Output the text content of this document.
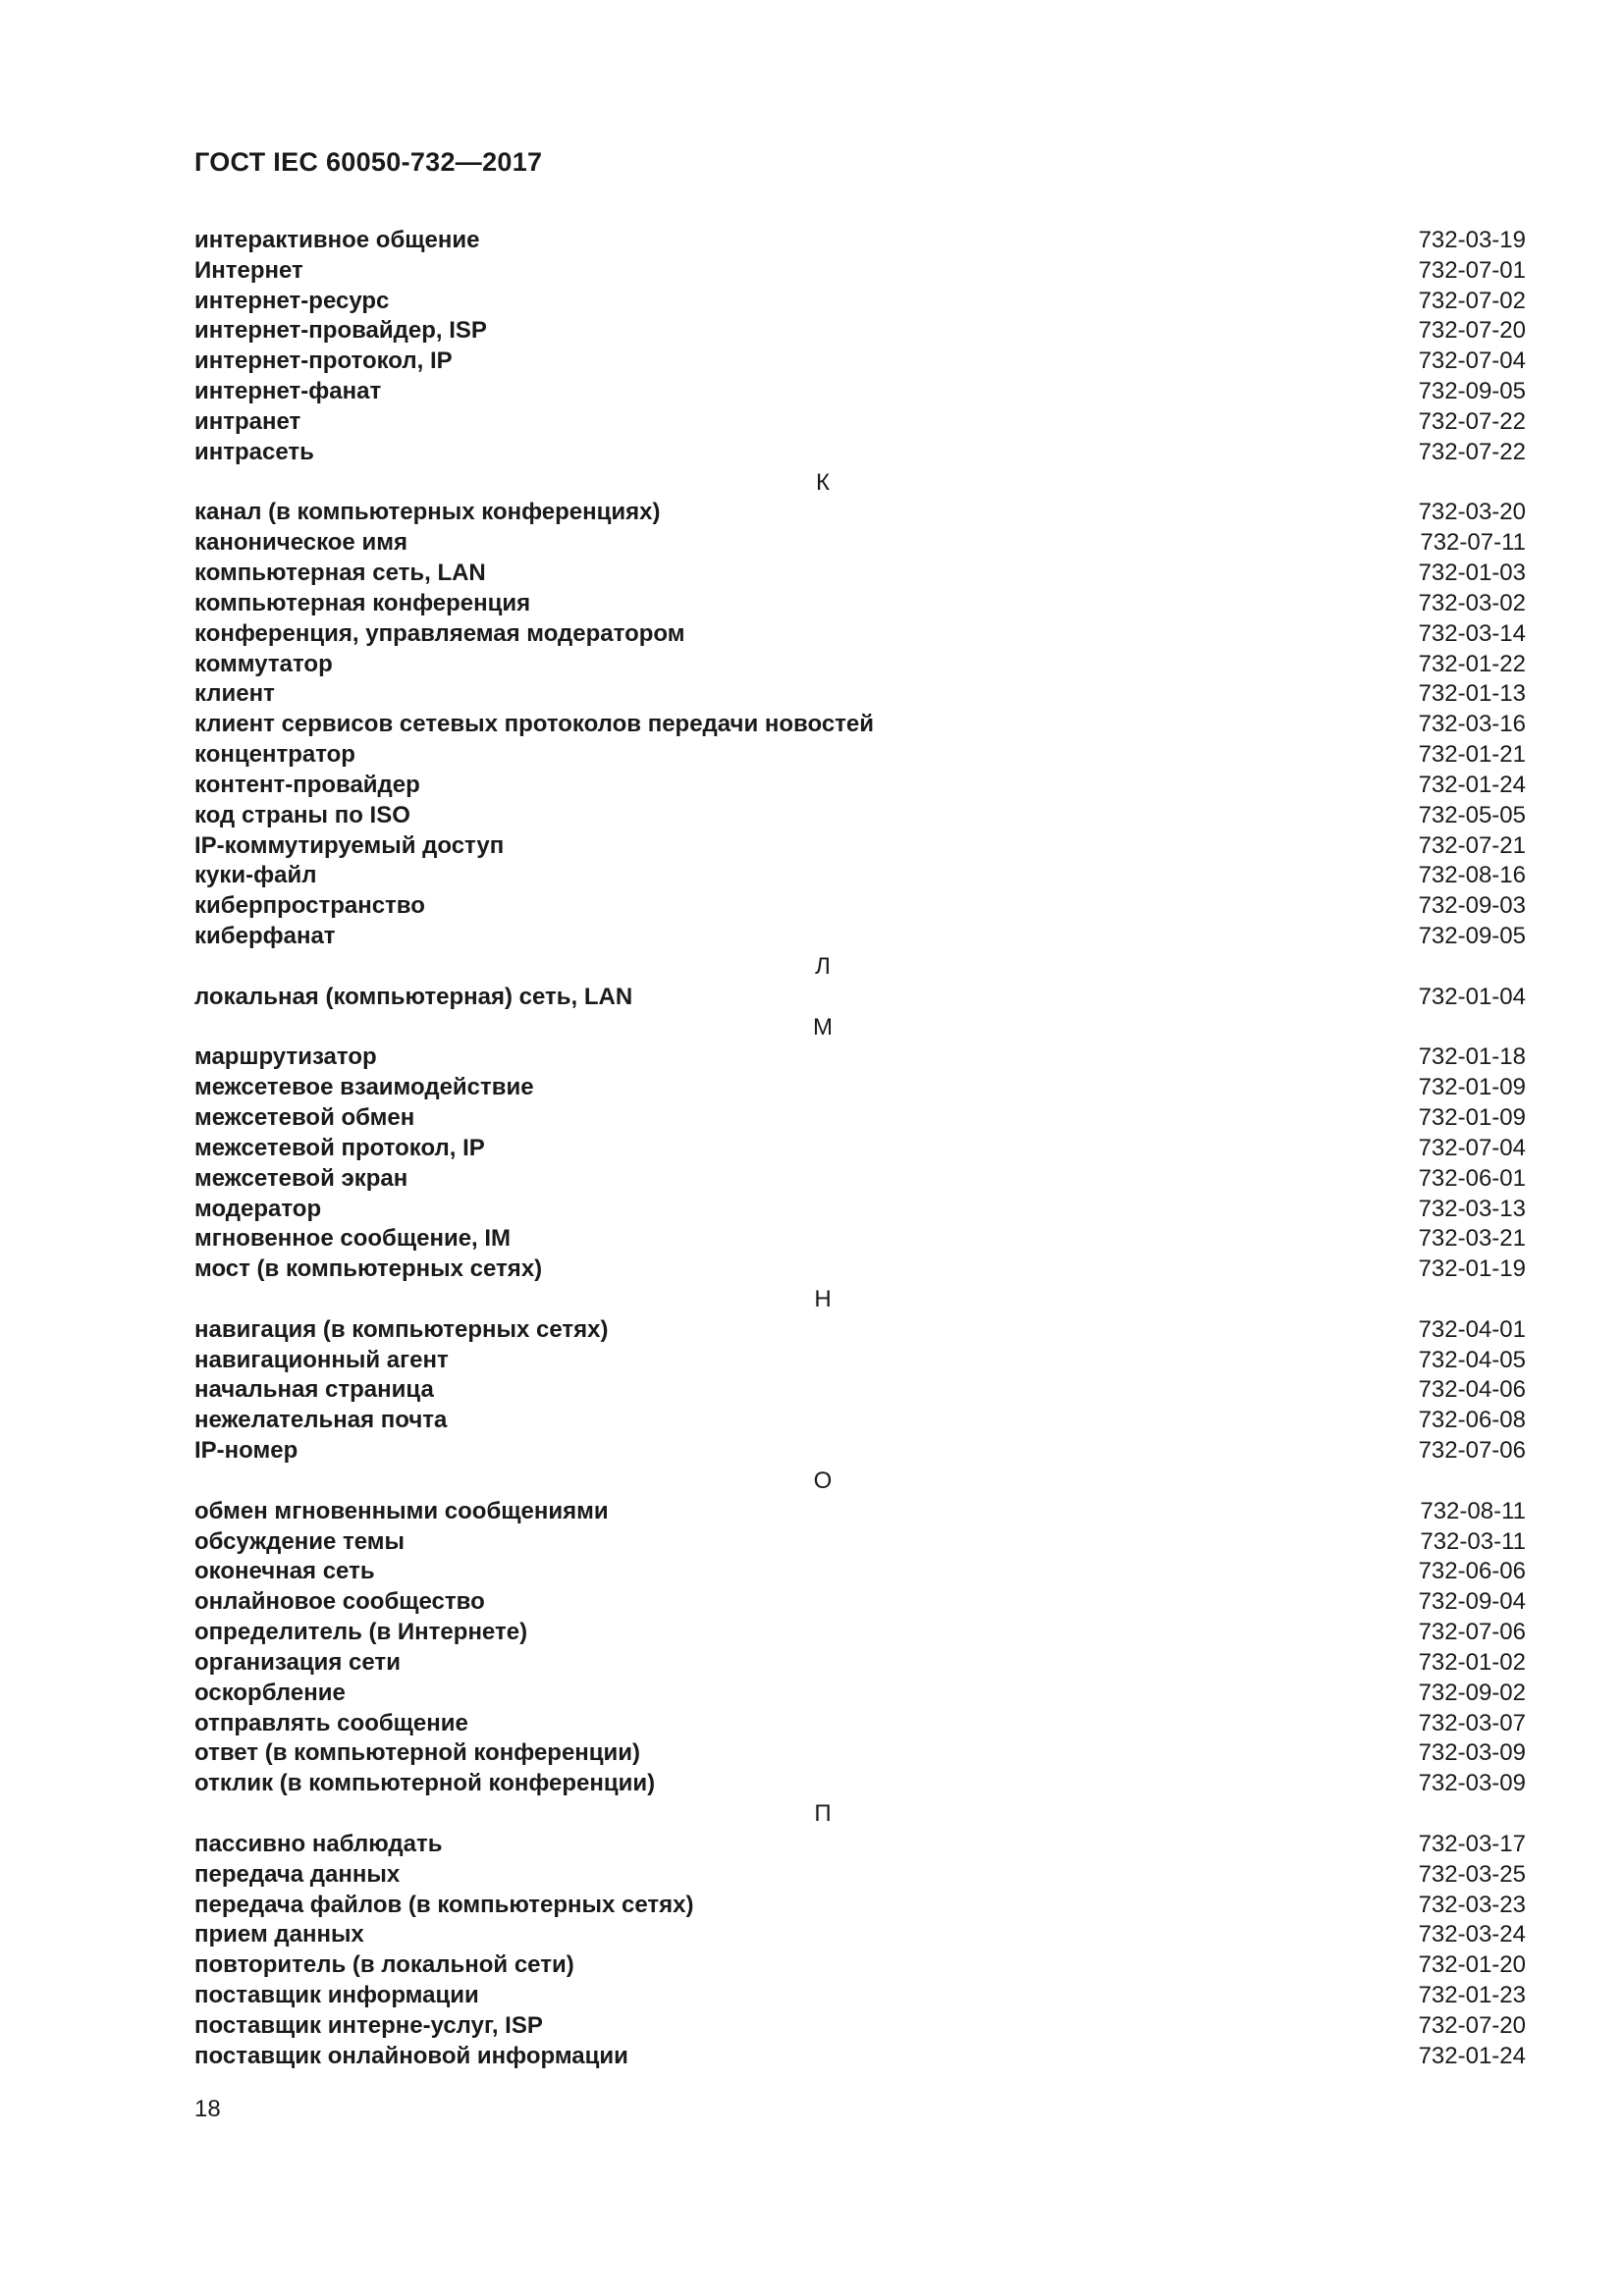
ГОСТ IEC 60050-732—2017
интерактивное общение	732-03-19
Интернет	732-07-01
интернет-ресурс	732-07-02
интернет-провайдер, ISP	732-07-20
интернет-протокол, IP	732-07-04
интернет-фанат	732-09-05
интранет	732-07-22
интрасеть	732-07-22
К
канал (в компьютерных конференциях)	732-03-20
каноническое имя	732-07-11
компьютерная сеть, LAN	732-01-03
компьютерная конференция	732-03-02
конференция, управляемая модератором	732-03-14
коммутатор	732-01-22
клиент	732-01-13
клиент сервисов сетевых протоколов передачи новостей	732-03-16
концентратор	732-01-21
контент-провайдер	732-01-24
код страны по ISO	732-05-05
IP-коммутируемый доступ	732-07-21
куки-файл	732-08-16
киберпространство	732-09-03
киберфанат	732-09-05
Л
локальная (компьютерная) сеть, LAN	732-01-04
М
маршрутизатор	732-01-18
межсетевое взаимодействие	732-01-09
межсетевой обмен	732-01-09
межсетевой протокол, IP	732-07-04
межсетевой экран	732-06-01
модератор	732-03-13
мгновенное сообщение, IM	732-03-21
мост (в компьютерных сетях)	732-01-19
Н
навигация (в компьютерных сетях)	732-04-01
навигационный агент	732-04-05
начальная страница	732-04-06
нежелательная почта	732-06-08
IP-номер	732-07-06
О
обмен мгновенными сообщениями	732-08-11
обсуждение темы	732-03-11
оконечная сеть	732-06-06
онлайновое сообщество	732-09-04
определитель (в Интернете)	732-07-06
организация сети	732-01-02
оскорбление	732-09-02
отправлять сообщение	732-03-07
ответ (в компьютерной конференции)	732-03-09
отклик (в компьютерной конференции)	732-03-09
П
пассивно наблюдать	732-03-17
передача данных	732-03-25
передача файлов (в компьютерных сетях)	732-03-23
прием данных	732-03-24
повторитель (в локальной сети)	732-01-20
поставщик информации	732-01-23
поставщик интерне-услуг, ISP	732-07-20
поставщик онлайновой информации	732-01-24
18
